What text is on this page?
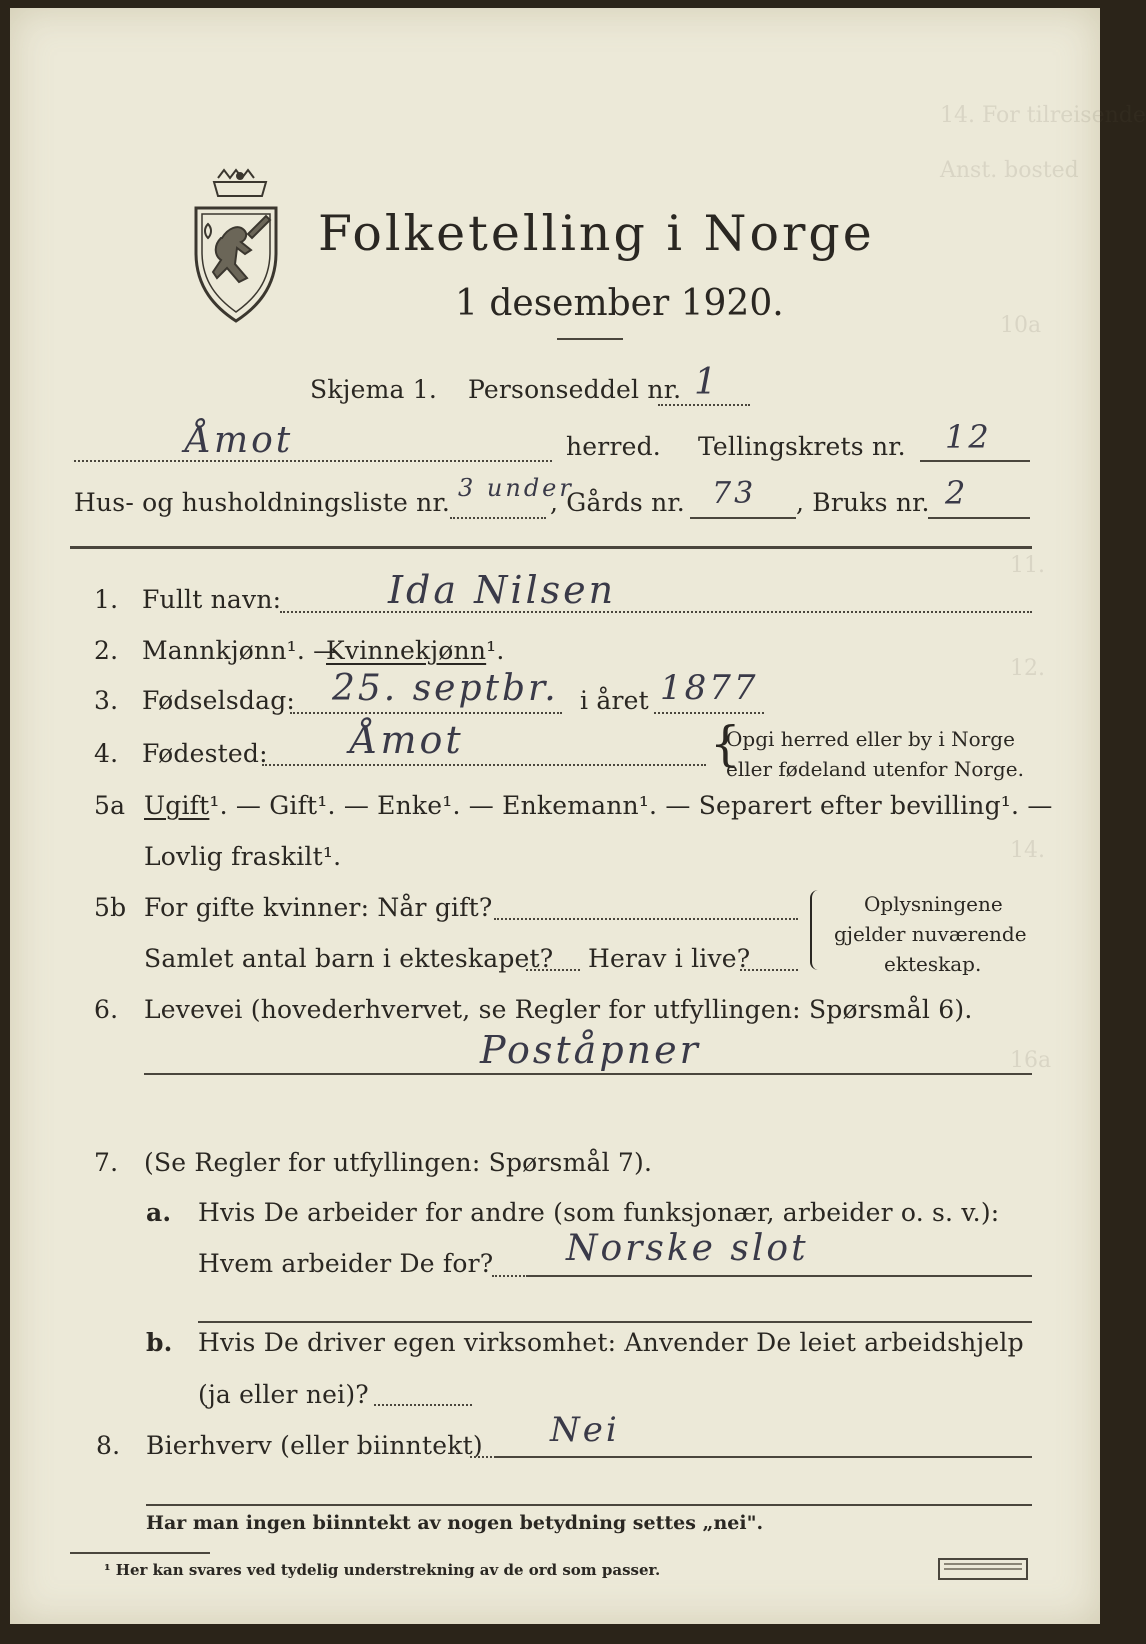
14. For tilreisende
Anst. bosted
10a
11.
12.
14.
16a
Folketelling i Norge
1 desember 1920.
Skjema 1. Personseddel nr. 1
Åmot	herred. Tellingskrets nr. 12
Hus- og husholdningsliste nr. 3 under
, Gårds nr. 73 , Bruks nr. 2
1. Fullt navn:	Ida Nilsen
2. Mannkjønn¹. —
Kvinnekjønn¹.
3. Fødselsdag: 25. septbr. i året 1877
4. Fødested: Åmot	{
Opgi herred eller by i Norge
eller fødeland utenfor Norge.
5a Ugift¹. — Gift¹. — Enke¹. — Enkemann¹. — Separert efter bevilling¹. —
Lovlig fraskilt¹.
5b For gifte kvinner: Når gift?
Samlet antal barn i ekteskapet? Herav i live?
Oplysningene
gjelder nuværende
ekteskap.
6. Levevei (hovederhvervet, se Regler for utfyllingen: Spørsmål 6).
Poståpner
7. (Se Regler for utfyllingen: Spørsmål 7).
a. Hvis De arbeider for andre (som funksjonær, arbeider o. s. v.):
Hvem arbeider De for? Norske slot
b. Hvis De driver egen virksomhet: Anvender De leiet arbeidshjelp
(ja eller nei)?
8. Bierhverv (eller biinntekt) Nei
Har man ingen biinntekt av nogen betydning settes „nei".
¹ Her kan svares ved tydelig understrekning av de ord som passer.
